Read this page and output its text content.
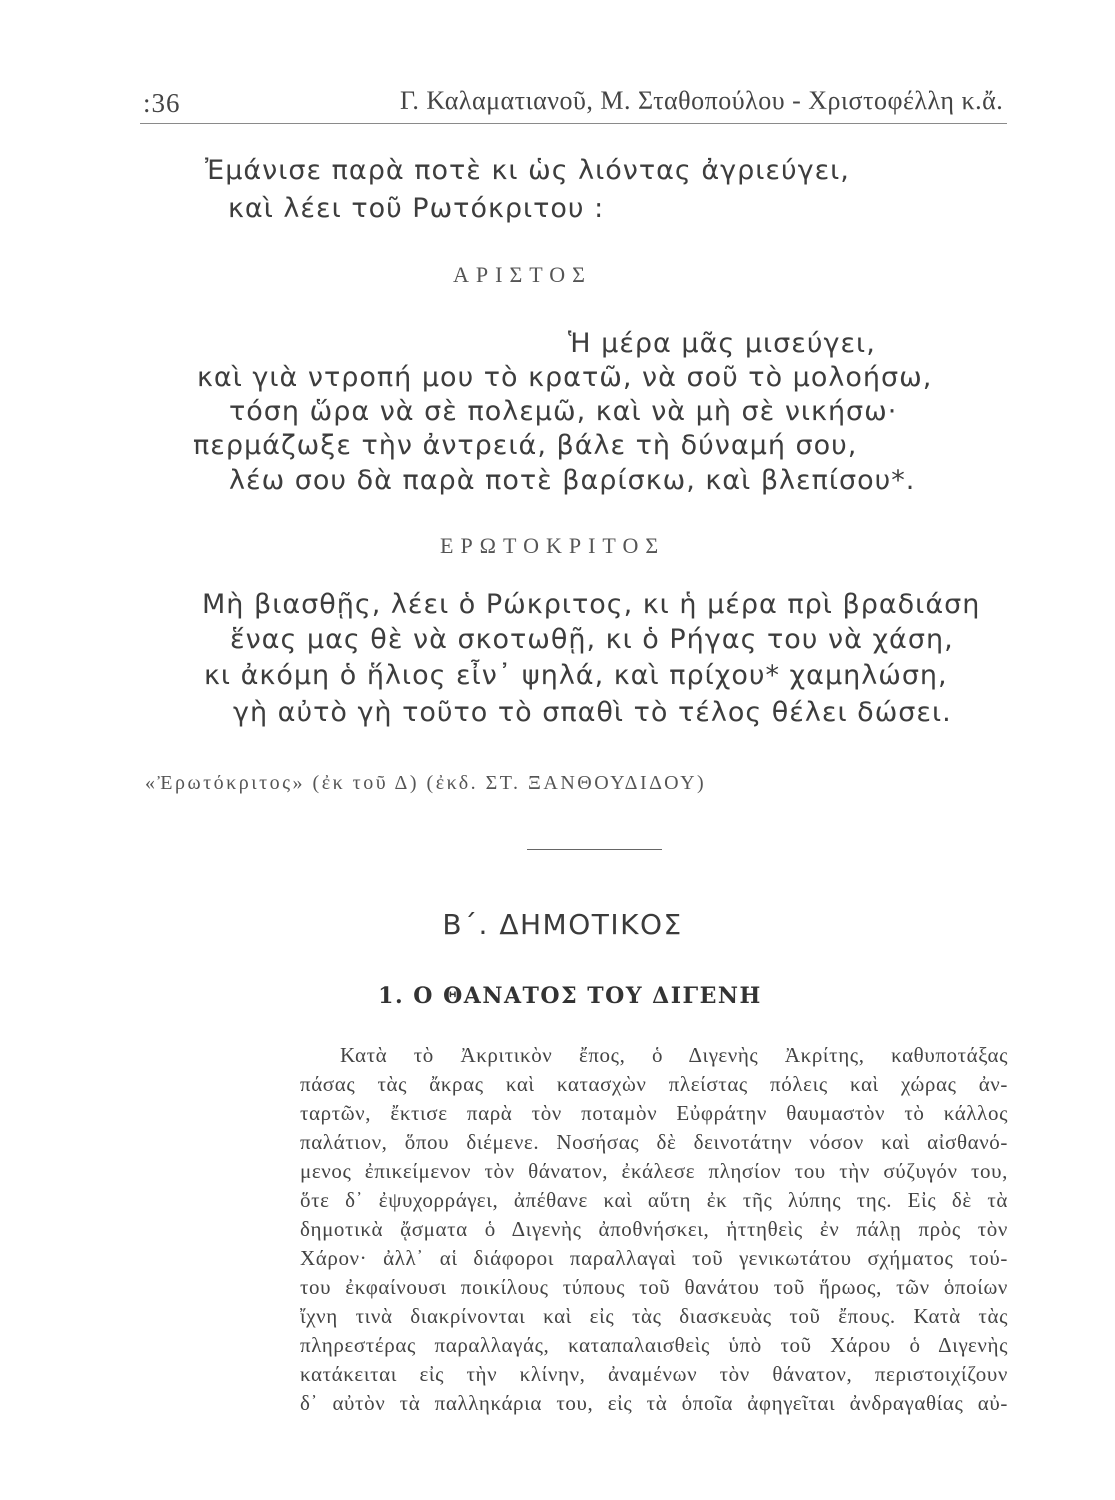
:36	Γ. Καλαματιανοῦ, Μ. Σταθοπούλου - Χριστοφέλλη κ.ἄ.
Ἐμάνισε παρὰ ποτὲ κι ὡς λιόντας ἀγριεύγει,
καὶ λέει τοῦ Ρωτόκριτου :
ΑΡΙΣΤΟΣ
Ἡ μέρα μᾶς μισεύγει,
καὶ γιὰ ντροπή μου τὸ κρατῶ, νὰ σοῦ τὸ μολοήσω,
τόση ὥρα νὰ σὲ πολεμῶ, καὶ νὰ μὴ σὲ νικήσω·
περμάζωξε τὴν ἀντρειά, βάλε τὴ δύναμή σου,
λέω σου δὰ παρὰ ποτὲ βαρίσκω, καὶ βλεπίσου*.
ΕΡΩΤΟΚΡΙΤΟΣ
Μὴ βιασθῇς, λέει ὁ Ρώκριτος, κι ἡ μέρα πρὶ βραδιάση
ἕνας μας θὲ νὰ σκοτωθῇ, κι ὁ Ρήγας του νὰ χάση,
κι ἀκόμη ὁ ἥλιος εἶν᾽ ψηλά, καὶ πρίχου* χαμηλώση,
γὴ αὐτὸ γὴ τοῦτο τὸ σπαθὶ τὸ τέλος θέλει δώσει.
«Ἐρωτόκριτος» (ἐκ τοῦ Δ) (ἐκδ. ΣΤ. ΞΑΝΘΟΥΔΙΔΟΥ)
Β΄. ΔΗΜΟΤΙΚΟΣ
1. Ο ΘΑΝΑΤΟΣ ΤΟΥ ΔΙΓΕΝΗ
Κατὰ τὸ Ἀκριτικὸν ἔπος, ὁ Διγενὴς Ἀκρίτης, καθυποτάξας
πάσας τὰς ἄκρας καὶ κατασχὼν πλείστας πόλεις καὶ χώρας ἀν-
ταρτῶν, ἔκτισε παρὰ τὸν ποταμὸν Εὐφράτην θαυμαστὸν τὸ κάλλος
παλάτιον, ὅπου διέμενε. Νοσήσας δὲ δεινοτάτην νόσον καὶ αἰσθανό-
μενος ἐπικείμενον τὸν θάνατον, ἐκάλεσε πλησίον του τὴν σύζυγόν του,
ὅτε δ᾽ ἐψυχορράγει, ἀπέθανε καὶ αὕτη ἐκ τῆς λύπης της. Εἰς δὲ τὰ
δημοτικὰ ᾄσματα ὁ Διγενὴς ἀποθνήσκει, ἡττηθεὶς ἐν πάλῃ πρὸς τὸν
Χάρον· ἀλλ᾽ αἱ διάφοροι παραλλαγαὶ τοῦ γενικωτάτου σχήματος τού-
του ἐκφαίνουσι ποικίλους τύπους τοῦ θανάτου τοῦ ἥρωος, τῶν ὁποίων
ἴχνη τινὰ διακρίνονται καὶ εἰς τὰς διασκευὰς τοῦ ἔπους. Κατὰ τὰς
πληρεστέρας παραλλαγάς, καταπαλαισθεὶς ὑπὸ τοῦ Χάρου ὁ Διγενὴς
κατάκειται εἰς τὴν κλίνην, ἀναμένων τὸν θάνατον, περιστοιχίζουν
δ᾽ αὐτὸν τὰ παλληκάρια του, εἰς τὰ ὁποῖα ἀφηγεῖται ἀνδραγαθίας αὐ-
